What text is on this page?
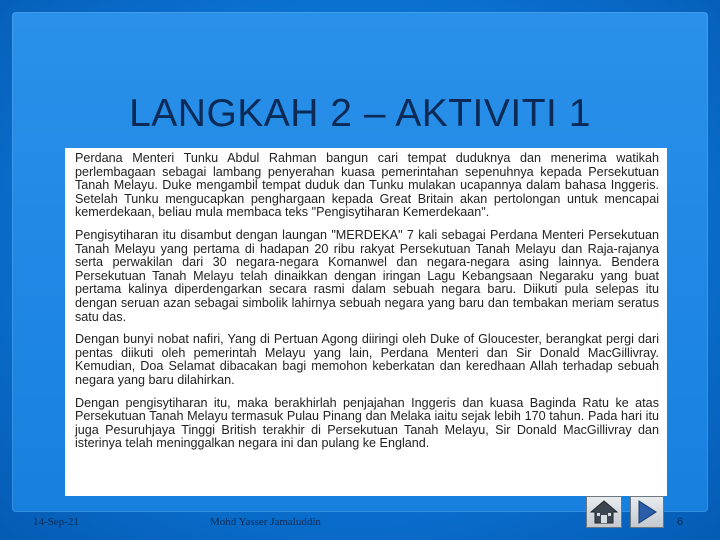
LANGKAH 2 – AKTIVITI 1

Perdana Menteri Tunku Abdul Rahman bangun cari tempat duduknya dan menerima watikah perlembagaan sebagai lambang penyerahan kuasa pemerintahan sepenuhnya kepada Persekutuan Tanah Melayu. Duke mengambil tempat duduk dan Tunku mulakan ucapannya dalam bahasa Inggeris. Setelah Tunku mengucapkan penghargaan kepada Great Britain akan pertolongan untuk mencapai kemerdekaan, beliau mula membaca teks "Pengisytiharan Kemerdekaan".

Pengisytiharan itu disambut dengan laungan "MERDEKA" 7 kali sebagai Perdana Menteri Persekutuan Tanah Melayu yang pertama di hadapan 20 ribu rakyat Persekutuan Tanah Melayu dan Raja-rajanya serta perwakilan dari 30 negara-negara Komanwel dan negara-negara asing lainnya. Bendera Persekutuan Tanah Melayu telah dinaikkan dengan iringan Lagu Kebangsaan Negaraku yang buat pertama kalinya diperdengarkan secara rasmi dalam sebuah negara baru. Diikuti pula selepas itu dengan seruan azan sebagai simbolik lahirnya sebuah negara yang baru dan tembakan meriam seratus satu das.

Dengan bunyi nobat nafiri, Yang di Pertuan Agong diiringi oleh Duke of Gloucester, berangkat pergi dari pentas diikuti oleh pemerintah Melayu yang lain, Perdana Menteri dan Sir Donald MacGillivray. Kemudian, Doa Selamat dibacakan bagi memohon keberkatan dan keredhaan Allah terhadap sebuah negara yang baru dilahirkan.

Dengan pengisytiharan itu, maka berakhirlah penjajahan Inggeris dan kuasa Baginda Ratu ke atas Persekutuan Tanah Melayu termasuk Pulau Pinang dan Melaka iaitu sejak lebih 170 tahun. Pada hari itu juga Pesuruhjaya Tinggi British terakhir di Persekutuan Tanah Melayu, Sir Donald MacGillivray dan isterinya telah meninggalkan negara ini dan pulang ke England.

14-Sep-21	Mohd Yasser Jamaluddin	6
